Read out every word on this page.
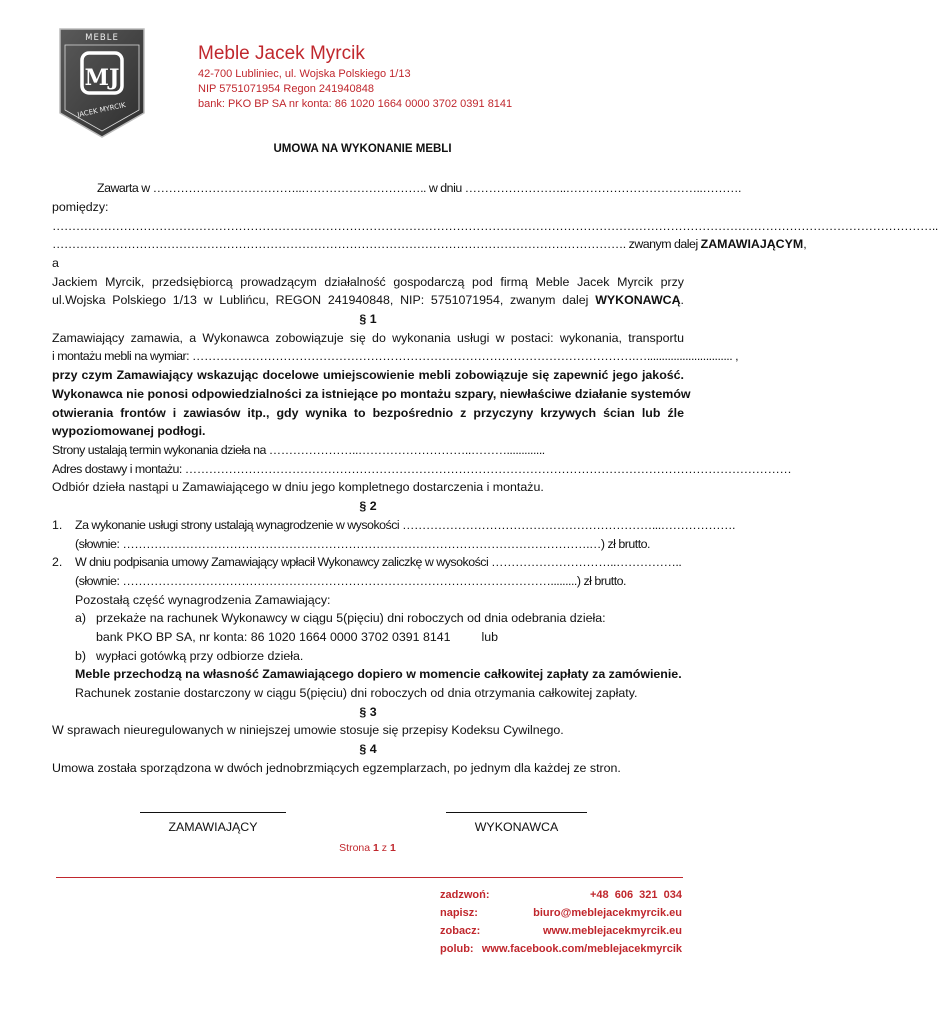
MEBLE
MJ
JACEK MYRCIK
Meble Jacek Myrcik
42-700 Lubliniec, ul. Wojska Polskiego 1/13
NIP 5751071954 Regon 241940848
bank: PKO BP SA nr konta: 86 1020 1664 0000 3702 0391 8141
UMOWA NA WYKONANIE MEBLI
Zawarta w ………………………………..………………………….. w dniu ……………………..……………………………..……….
pomiędzy:
……………………………………………………………………………………………………………………………………………………………………………………………………..
………………………………………………………………………………………………………………………………. zwanym dalej ZAMAWIAJĄCYM,
a
Jackiem Myrcik, przedsiębiorcą prowadzącym działalność gospodarczą pod firmą Meble Jacek Myrcik przy
ul.Wojska Polskiego 1/13 w Lublińcu, REGON 241940848, NIP: 5751071954, zwanym dalej WYKONAWCĄ.
§ 1
Zamawiający zamawia, a Wykonawca zobowiązuje się do wykonania usługi w postaci: wykonania, transportu
i montażu mebli na wymiar: ………………………………………………………………………………………………….…............................. ,
przy czym Zamawiający wskazując docelowe umiejscowienie mebli zobowiązuje się zapewnić jego jakość.
Wykonawca nie ponosi odpowiedzialności za istniejące po montażu szpary, niewłaściwe działanie systemów
otwierania frontów i zawiasów itp., gdy wynika to bezpośrednio z przyczyny krzywych ścian lub źle
wypoziomowanej podłogi.
Strony ustalają termin wykonania dzieła na …………………..………………………..……….............
Adres dostawy i montażu: ………………………………………………………………………………………………………………………………………
Odbiór dzieła nastąpi u Zamawiającego w dniu jego kompletnego dostarczenia i montażu.
§ 2
1. Za wykonanie usługi strony ustalają wynagrodzenie w wysokości ………………………………………………………...……………….
(słownie: ……………………………………………………………………………………………………….…) zł brutto.
2. W dniu podpisania umowy Zamawiający wpłacił Wykonawcy zaliczkę w wysokości …………………………..……………..
(słownie: ……………………………………………………………………………………………….........) zł brutto.
Pozostałą część wynagrodzenia Zamawiający:
a) przekaże na rachunek Wykonawcy w ciągu 5(pięciu) dni roboczych od dnia odebrania dzieła:
bank PKO BP SA, nr konta: 86 1020 1664 0000 3702 0391 8141         lub
b) wypłaci gotówką przy odbiorze dzieła.
Meble przechodzą na własność Zamawiającego dopiero w momencie całkowitej zapłaty za zamówienie.
Rachunek zostanie dostarczony w ciągu 5(pięciu) dni roboczych od dnia otrzymania całkowitej zapłaty.
§ 3
W sprawach nieuregulowanych w niniejszej umowie stosuje się przepisy Kodeksu Cywilnego.
§ 4
Umowa została sporządzona w dwóch jednobrzmiących egzemplarzach, po jednym dla każdej ze stron.
ZAMAWIAJĄCY	WYKONAWCA
Strona 1 z 1
zadzwoń:	+48  606  321  034
napisz:	biuro@meblejacekmyrcik.eu
zobacz:	www.meblejacekmyrcik.eu
polub: www.facebook.com/meblejacekmyrcik
